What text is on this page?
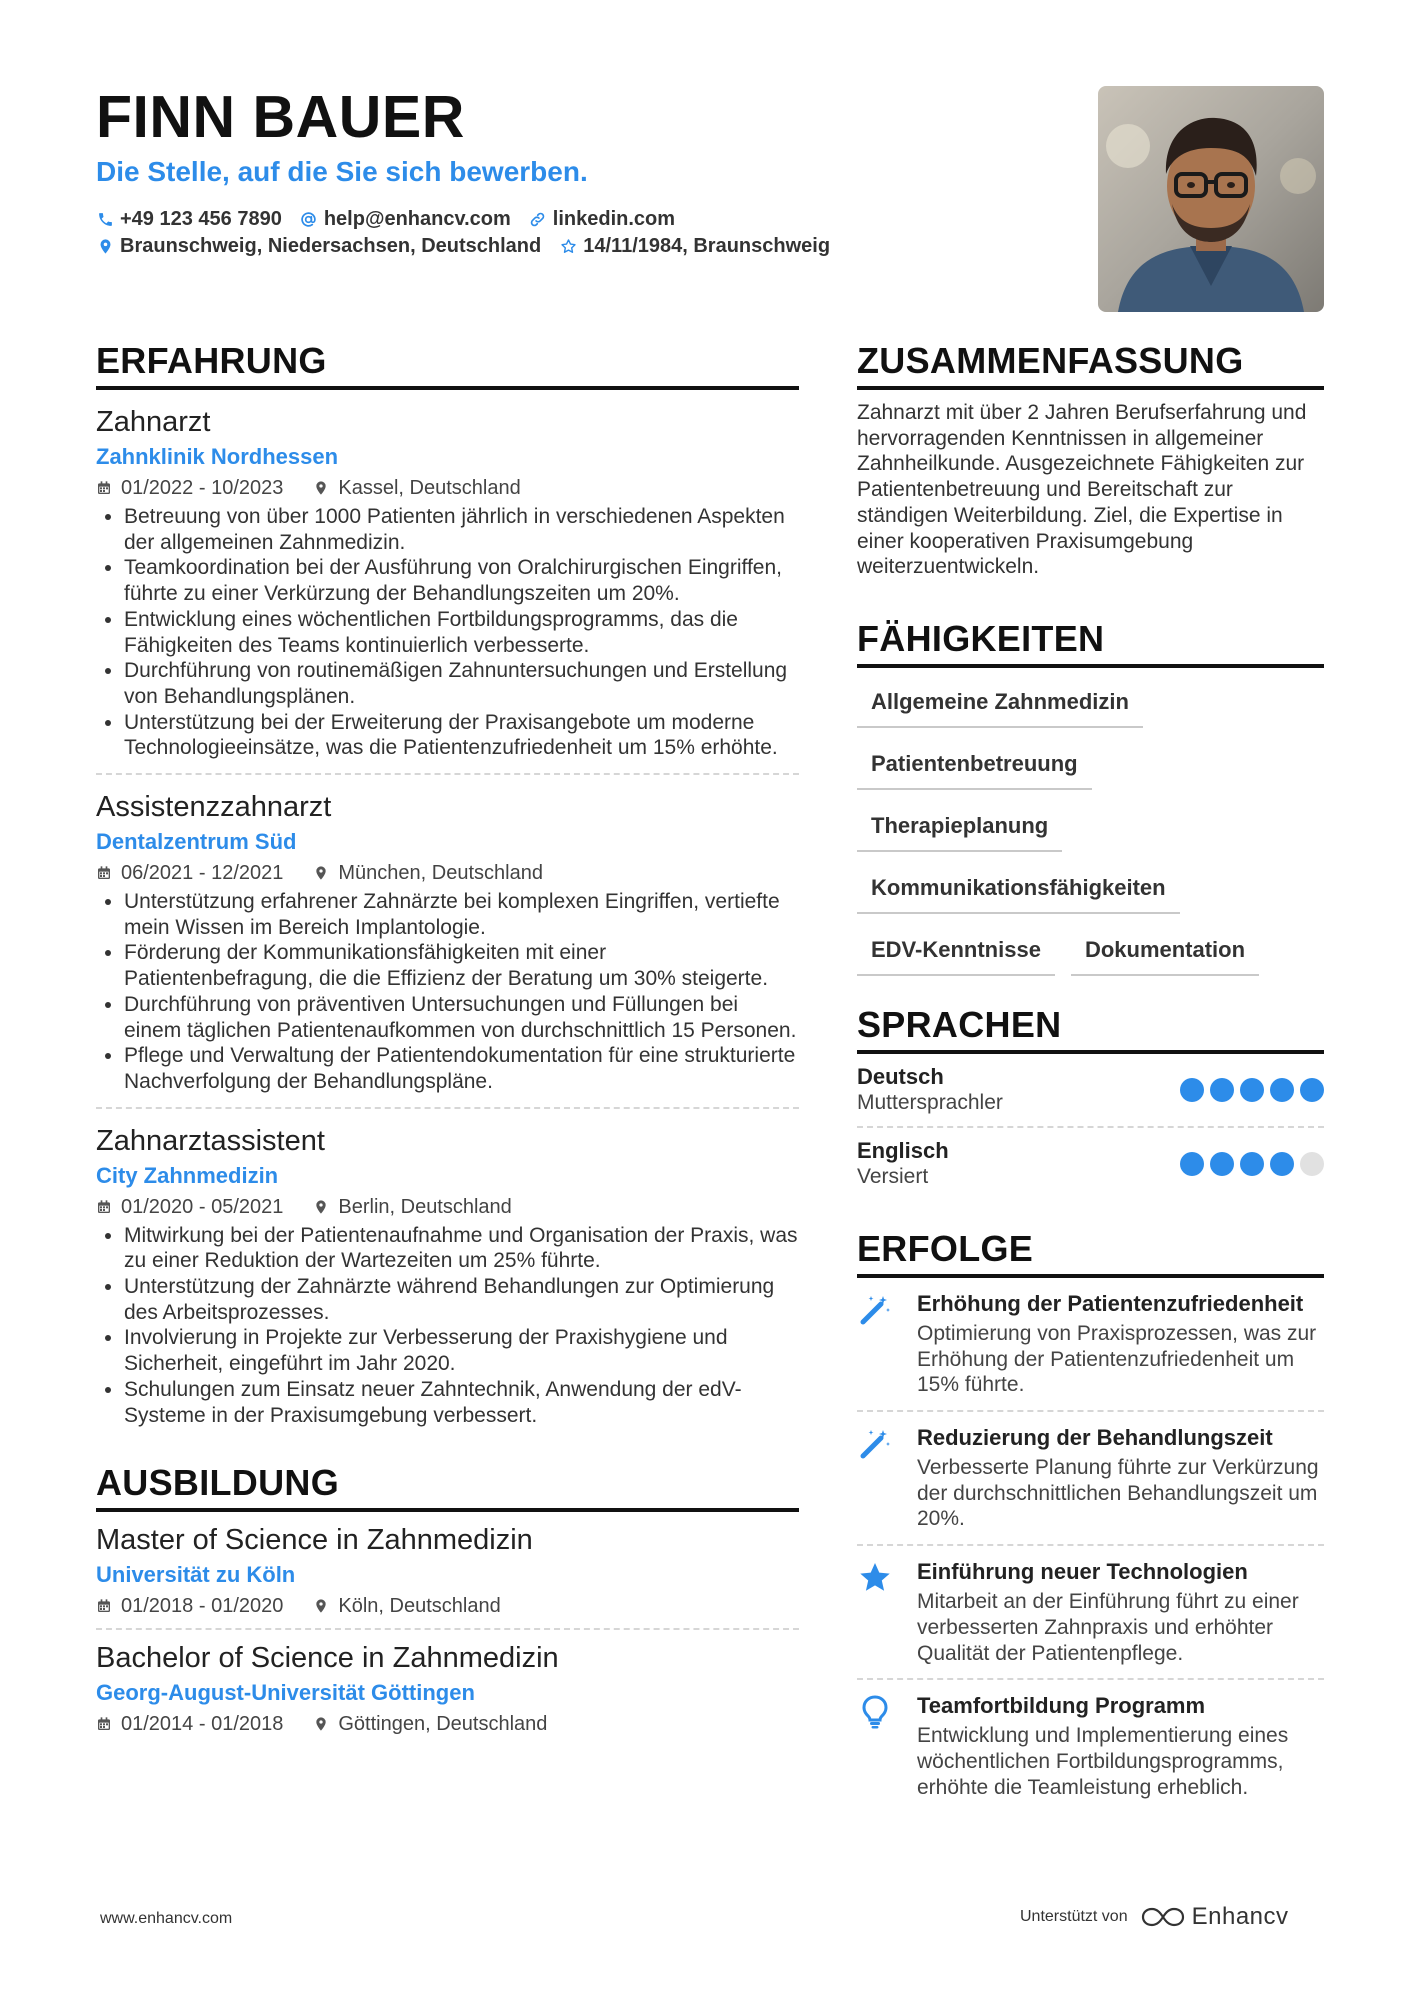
FINN BAUER
Die Stelle, auf die Sie sich bewerben.
+49 123 456 7890 help@enhancv.com linkedin.com
Braunschweig, Niedersachsen, Deutschland 14/11/1984, Braunschweig
ERFAHRUNG
Zahnarzt
Zahnklinik Nordhessen
01/2022 - 10/2023	Kassel, Deutschland
• Betreuung von über 1000 Patienten jährlich in verschiedenen Aspekten der allgemeinen Zahnmedizin.
• Teamkoordination bei der Ausführung von Oralchirurgischen Eingriffen, führte zu einer Verkürzung der Behandlungszeiten um 20%.
• Entwicklung eines wöchentlichen Fortbildungsprogramms, das die Fähigkeiten des Teams kontinuierlich verbesserte.
• Durchführung von routinemäßigen Zahnuntersuchungen und Erstellung von Behandlungsplänen.
• Unterstützung bei der Erweiterung der Praxisangebote um moderne Technologieeinsätze, was die Patientenzufriedenheit um 15% erhöhte.
Assistenzzahnarzt
Dentalzentrum Süd
06/2021 - 12/2021	München, Deutschland
• Unterstützung erfahrener Zahnärzte bei komplexen Eingriffen, vertiefte mein Wissen im Bereich Implantologie.
• Förderung der Kommunikationsfähigkeiten mit einer Patientenbefragung, die die Effizienz der Beratung um 30% steigerte.
• Durchführung von präventiven Untersuchungen und Füllungen bei einem täglichen Patientenaufkommen von durchschnittlich 15 Personen.
• Pflege und Verwaltung der Patientendokumentation für eine strukturierte Nachverfolgung der Behandlungspläne.
Zahnarztassistent
City Zahnmedizin
01/2020 - 05/2021	Berlin, Deutschland
• Mitwirkung bei der Patientenaufnahme und Organisation der Praxis, was zu einer Reduktion der Wartezeiten um 25% führte.
• Unterstützung der Zahnärzte während Behandlungen zur Optimierung des Arbeitsprozesses.
• Involvierung in Projekte zur Verbesserung der Praxishygiene und Sicherheit, eingeführt im Jahr 2020.
• Schulungen zum Einsatz neuer Zahntechnik, Anwendung der edV-Systeme in der Praxisumgebung verbessert.
AUSBILDUNG
Master of Science in Zahnmedizin
Universität zu Köln
01/2018 - 01/2020	Köln, Deutschland
Bachelor of Science in Zahnmedizin
Georg-August-Universität Göttingen
01/2014 - 01/2018	Göttingen, Deutschland
ZUSAMMENFASSUNG
Zahnarzt mit über 2 Jahren Berufserfahrung und hervorragenden Kenntnissen in allgemeiner Zahnheilkunde. Ausgezeichnete Fähigkeiten zur Patientenbetreuung und Bereitschaft zur ständigen Weiterbildung. Ziel, die Expertise in einer kooperativen Praxisumgebung weiterzuentwickeln.
FÄHIGKEITEN
Allgemeine Zahnmedizin
Patientenbetreuung
Therapieplanung
Kommunikationsfähigkeiten
EDV-Kenntnisse	Dokumentation
SPRACHEN
Deutsch
Muttersprachler
Englisch
Versiert
ERFOLGE
Erhöhung der Patientenzufriedenheit
Optimierung von Praxisprozessen, was zur Erhöhung der Patientenzufriedenheit um 15% führte.
Reduzierung der Behandlungszeit
Verbesserte Planung führte zur Verkürzung der durchschnittlichen Behandlungszeit um 20%.
Einführung neuer Technologien
Mitarbeit an der Einführung führt zu einer verbesserten Zahnpraxis und erhöhter Qualität der Patientenpflege.
Teamfortbildung Programm
Entwicklung und Implementierung eines wöchentlichen Fortbildungsprogramms, erhöhte die Teamleistung erheblich.
www.enhancv.com	Unterstützt von	Enhancv
